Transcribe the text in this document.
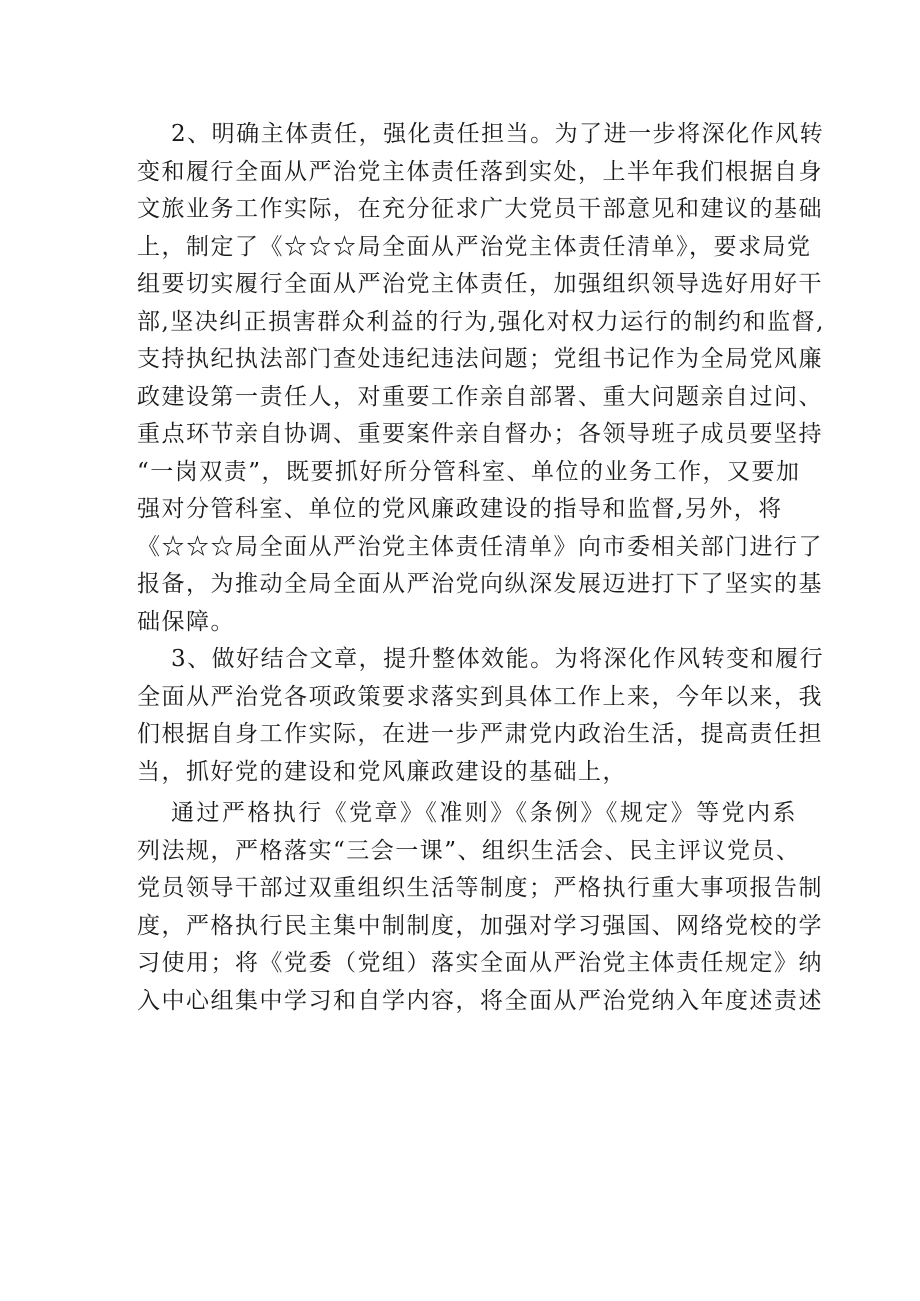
2、明确主体责任，强化责任担当。为了进一步将深化作风转
变和履行全面从严治党主体责任落到实处，上半年我们根据自身
文旅业务工作实际，在充分征求广大党员干部意见和建议的基础
上，制定了《☆☆☆局全面从严治党主体责任清单》，要求局党
组要切实履行全面从严治党主体责任，加强组织领导选好用好干
部,坚决纠正损害群众利益的行为,强化对权力运行的制约和监督,
支持执纪执法部门查处违纪违法问题；党组书记作为全局党风廉
政建设第一责任人，对重要工作亲自部署、重大问题亲自过问、
重点环节亲自协调、重要案件亲自督办；各领导班子成员要坚持
“一岗双责”，既要抓好所分管科室、单位的业务工作，又要加
强对分管科室、单位的党风廉政建设的指导和监督,另外，将
《☆☆☆局全面从严治党主体责任清单》向市委相关部门进行了
报备，为推动全局全面从严治党向纵深发展迈进打下了坚实的基
础保障。
3、做好结合文章，提升整体效能。为将深化作风转变和履行
全面从严治党各项政策要求落实到具体工作上来，今年以来，我
们根据自身工作实际，在进一步严肃党内政治生活，提高责任担
当，抓好党的建设和党风廉政建设的基础上，
通过严格执行《党章》《准则》《条例》《规定》等党内系
列法规，严格落实“三会一课”、组织生活会、民主评议党员、
党员领导干部过双重组织生活等制度；严格执行重大事项报告制
度，严格执行民主集中制制度，加强对学习强国、网络党校的学
习使用；将《党委（党组）落实全面从严治党主体责任规定》纳
入中心组集中学习和自学内容，将全面从严治党纳入年度述责述
